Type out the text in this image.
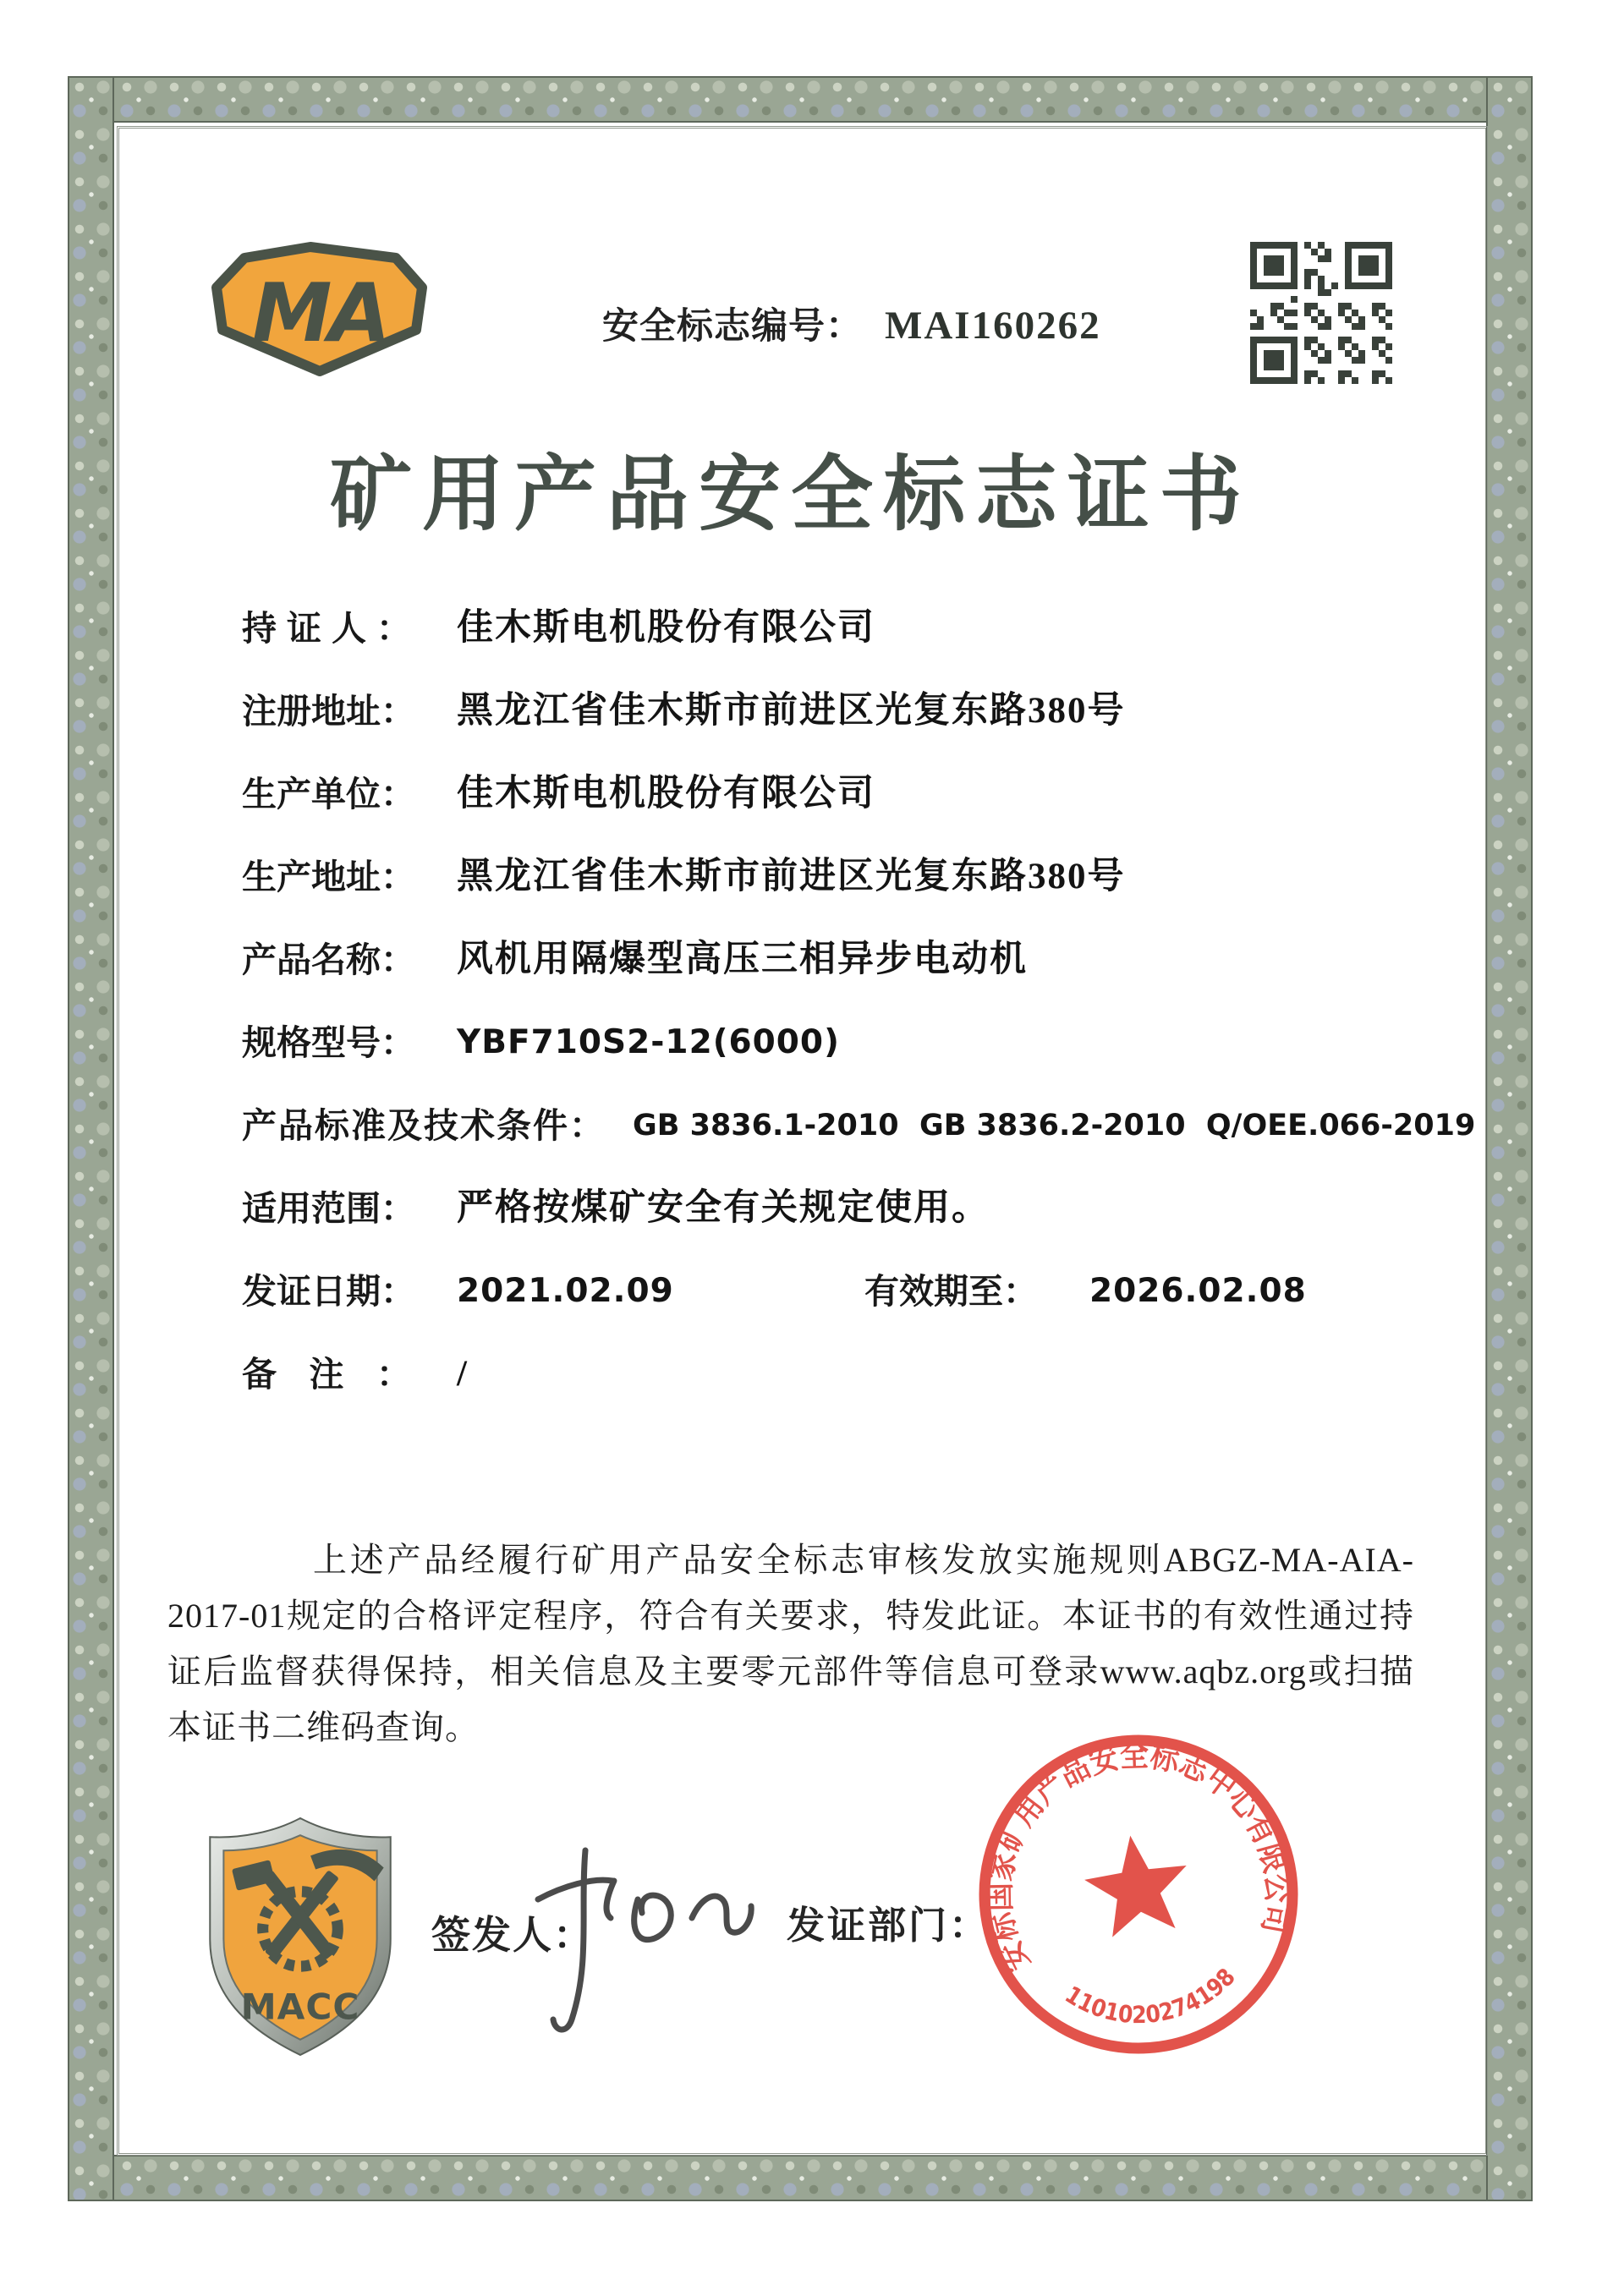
MA	安全标志编号： MAI160262
矿用产品安全标志证书
持证人： 佳木斯电机股份有限公司
注册地址： 黑龙江省佳木斯市前进区光复东路380号
生产单位： 佳木斯电机股份有限公司
生产地址： 黑龙江省佳木斯市前进区光复东路380号
产品名称： 风机用隔爆型高压三相异步电动机
规格型号： YBF710S2-12(6000)
产品标准及技术条件： GB 3836.1-2010  GB 3836.2-2010  Q/OEE.066-2019
适用范围： 严格按煤矿安全有关规定使用。
发证日期： 2021.02.09	有效期至： 2026.02.08
备注： /
上述产品经履行矿用产品安全标志审核发放实施规则ABGZ-MA-AIA-2017-01规定的合格评定程序，符合有关要求，特发此证。本证书的有效性通过持证后监督获得保持，相关信息及主要零元部件等信息可登录www.aqbz.org或扫描本证书二维码查询。
MACC
签发人：	发证部门：
安标国家矿用产品安全标志中心有限公司
1101020274198
